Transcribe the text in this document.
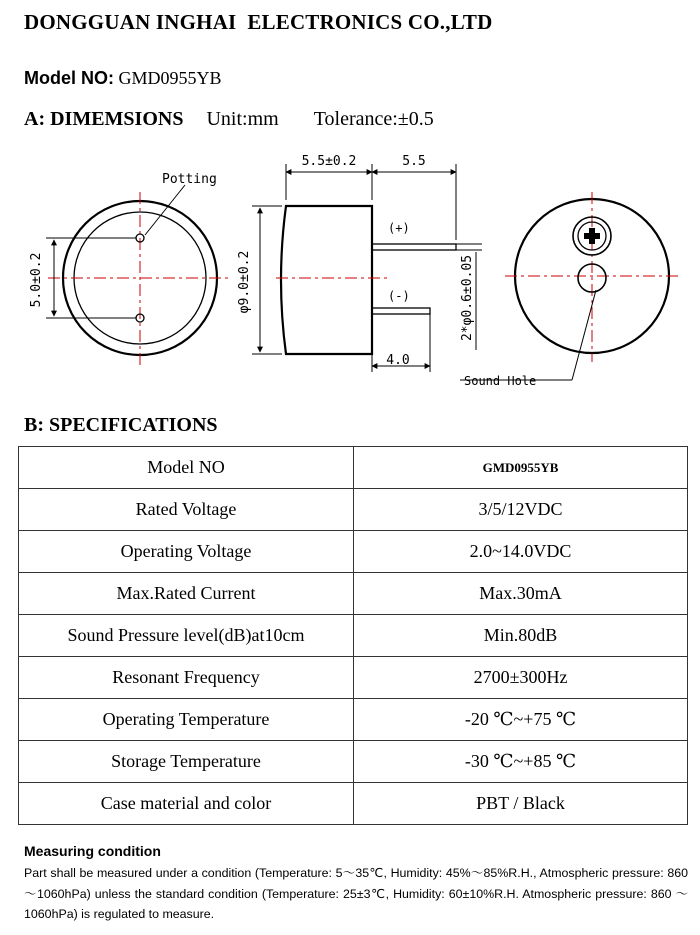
DONGGUAN INGHAI  ELECTRONICS CO.,LTD
Model NO: GMD0955YB
A: DIMEMSIONS Unit:mm Tolerance:±0.5
Potting
5.0±0.2
5.5±0.2	5.5
φ9.0±0.2
(+)
(-)
4.0
2*φ0.6±0.05
Sound Hole
B: SPECIFICATIONS
Model NO	GMD0955YB
Rated Voltage	3/5/12VDC
Operating Voltage	2.0~14.0VDC
Max.Rated Current	Max.30mA
Sound Pressure level(dB)at10cm	Min.80dB
Resonant Frequency	2700±300Hz
Operating Temperature	-20 ℃~+75 ℃
Storage Temperature	-30 ℃~+85 ℃
Case material and color	PBT / Black
Measuring condition
Part shall be measured under a condition (Temperature: 5～35℃, Humidity: 45%～85%R.H., Atmospheric pressure: 860 ～1060hPa) unless the standard condition (Temperature: 25±3℃, Humidity: 60±10%R.H. Atmospheric pressure: 860 ～1060hPa) is regulated to measure.
